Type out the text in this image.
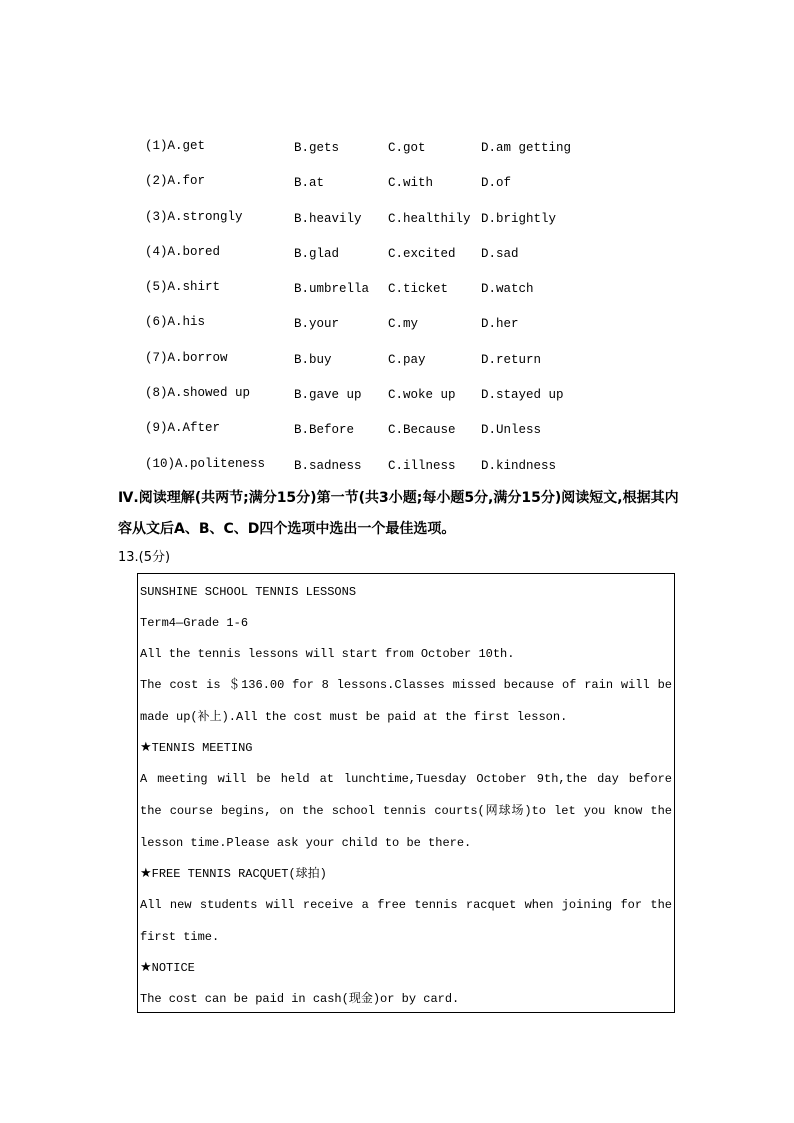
(1)A.get	B.gets	C.got	D.am getting
(2)A.for	B.at	C.with	D.of
(3)A.strongly	B.heavily C.healthily D.brightly
(4)A.bored	B.glad	C.excited D.sad
(5)A.shirt	B.umbrella C.ticket	D.watch
(6)A.his	B.your	C.my	D.her
(7)A.borrow	B.buy	C.pay	D.return
(8)A.showed up	B.gave up C.woke up D.stayed up
(9)A.After	B.Before	C.Because D.Unless
(10)A.politeness B.sadness C.illness D.kindness
Ⅳ.阅读理解(共两节;满分15分)第一节(共3小题;每小题5分,满分15分)阅读短文,根据其内容从文后A、B、C、D四个选项中选出一个最佳选项。
13.(5分)
SUNSHINE SCHOOL TENNIS LESSONS
Term4—Grade 1-6
All the tennis lessons will start from October 10th.
The cost is ＄136.00 for 8 lessons.Classes missed because of rain will be made up(补上).All the cost must be paid at the first lesson.
★TENNIS MEETING
A meeting will be held at lunchtime,Tuesday October 9th,the day before the course begins, on the school tennis courts(网球场)to let you know the lesson time.Please ask your child to be there.
★FREE TENNIS RACQUET(球拍)
All new students will receive a free tennis racquet when joining for the first time.
★NOTICE
The cost can be paid in cash(现金)or by card.
